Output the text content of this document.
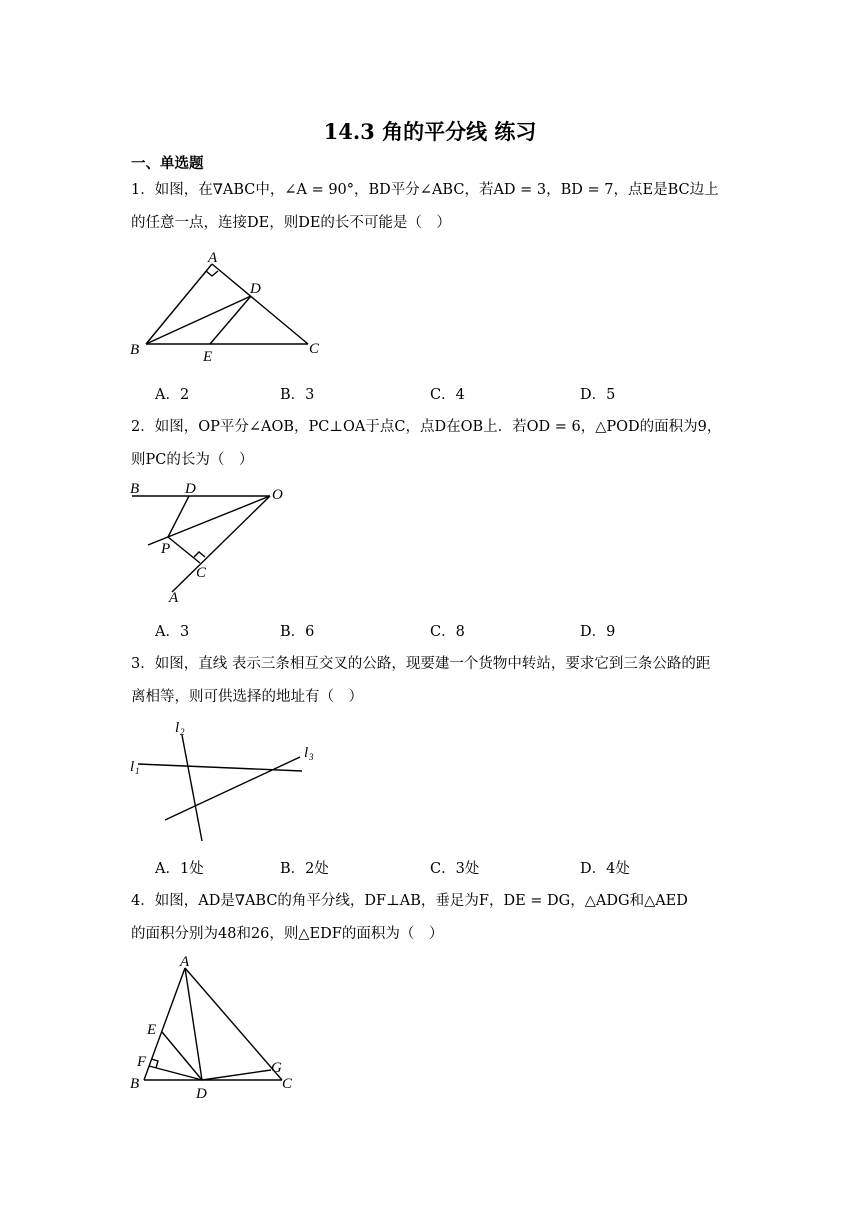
14.3 角的平分线 练习
一、单选题
1．如图，在∇ABC中，∠A = 90°，BD平分∠ABC，若AD = 3，BD = 7，点E是BC边上
的任意一点，连接DE，则DE的长不可能是（　）
A
D
B	E	C
A．2	B．3	C．4	D．5
2．如图，OP平分∠AOB，PC⊥OA于点C，点D在OB上．若OD = 6，△POD的面积为9，
则PC的长为（　）
B	D	O
P
C
A
A．3	B．6	C．8	D．9
3．如图，直线 表示三条相互交叉的公路，现要建一个货物中转站，要求它到三条公路的距
离相等，则可供选择的地址有（　）
l 2
l 3
l 1
A．1处	B．2处	C．3处	D．4处
4．如图，AD是∇ABC的角平分线，DF⊥AB，垂足为F，DE = DG，△ADG和△AED
的面积分别为48和26，则△EDF的面积为（　）
A
E
F
B
D
G
C
